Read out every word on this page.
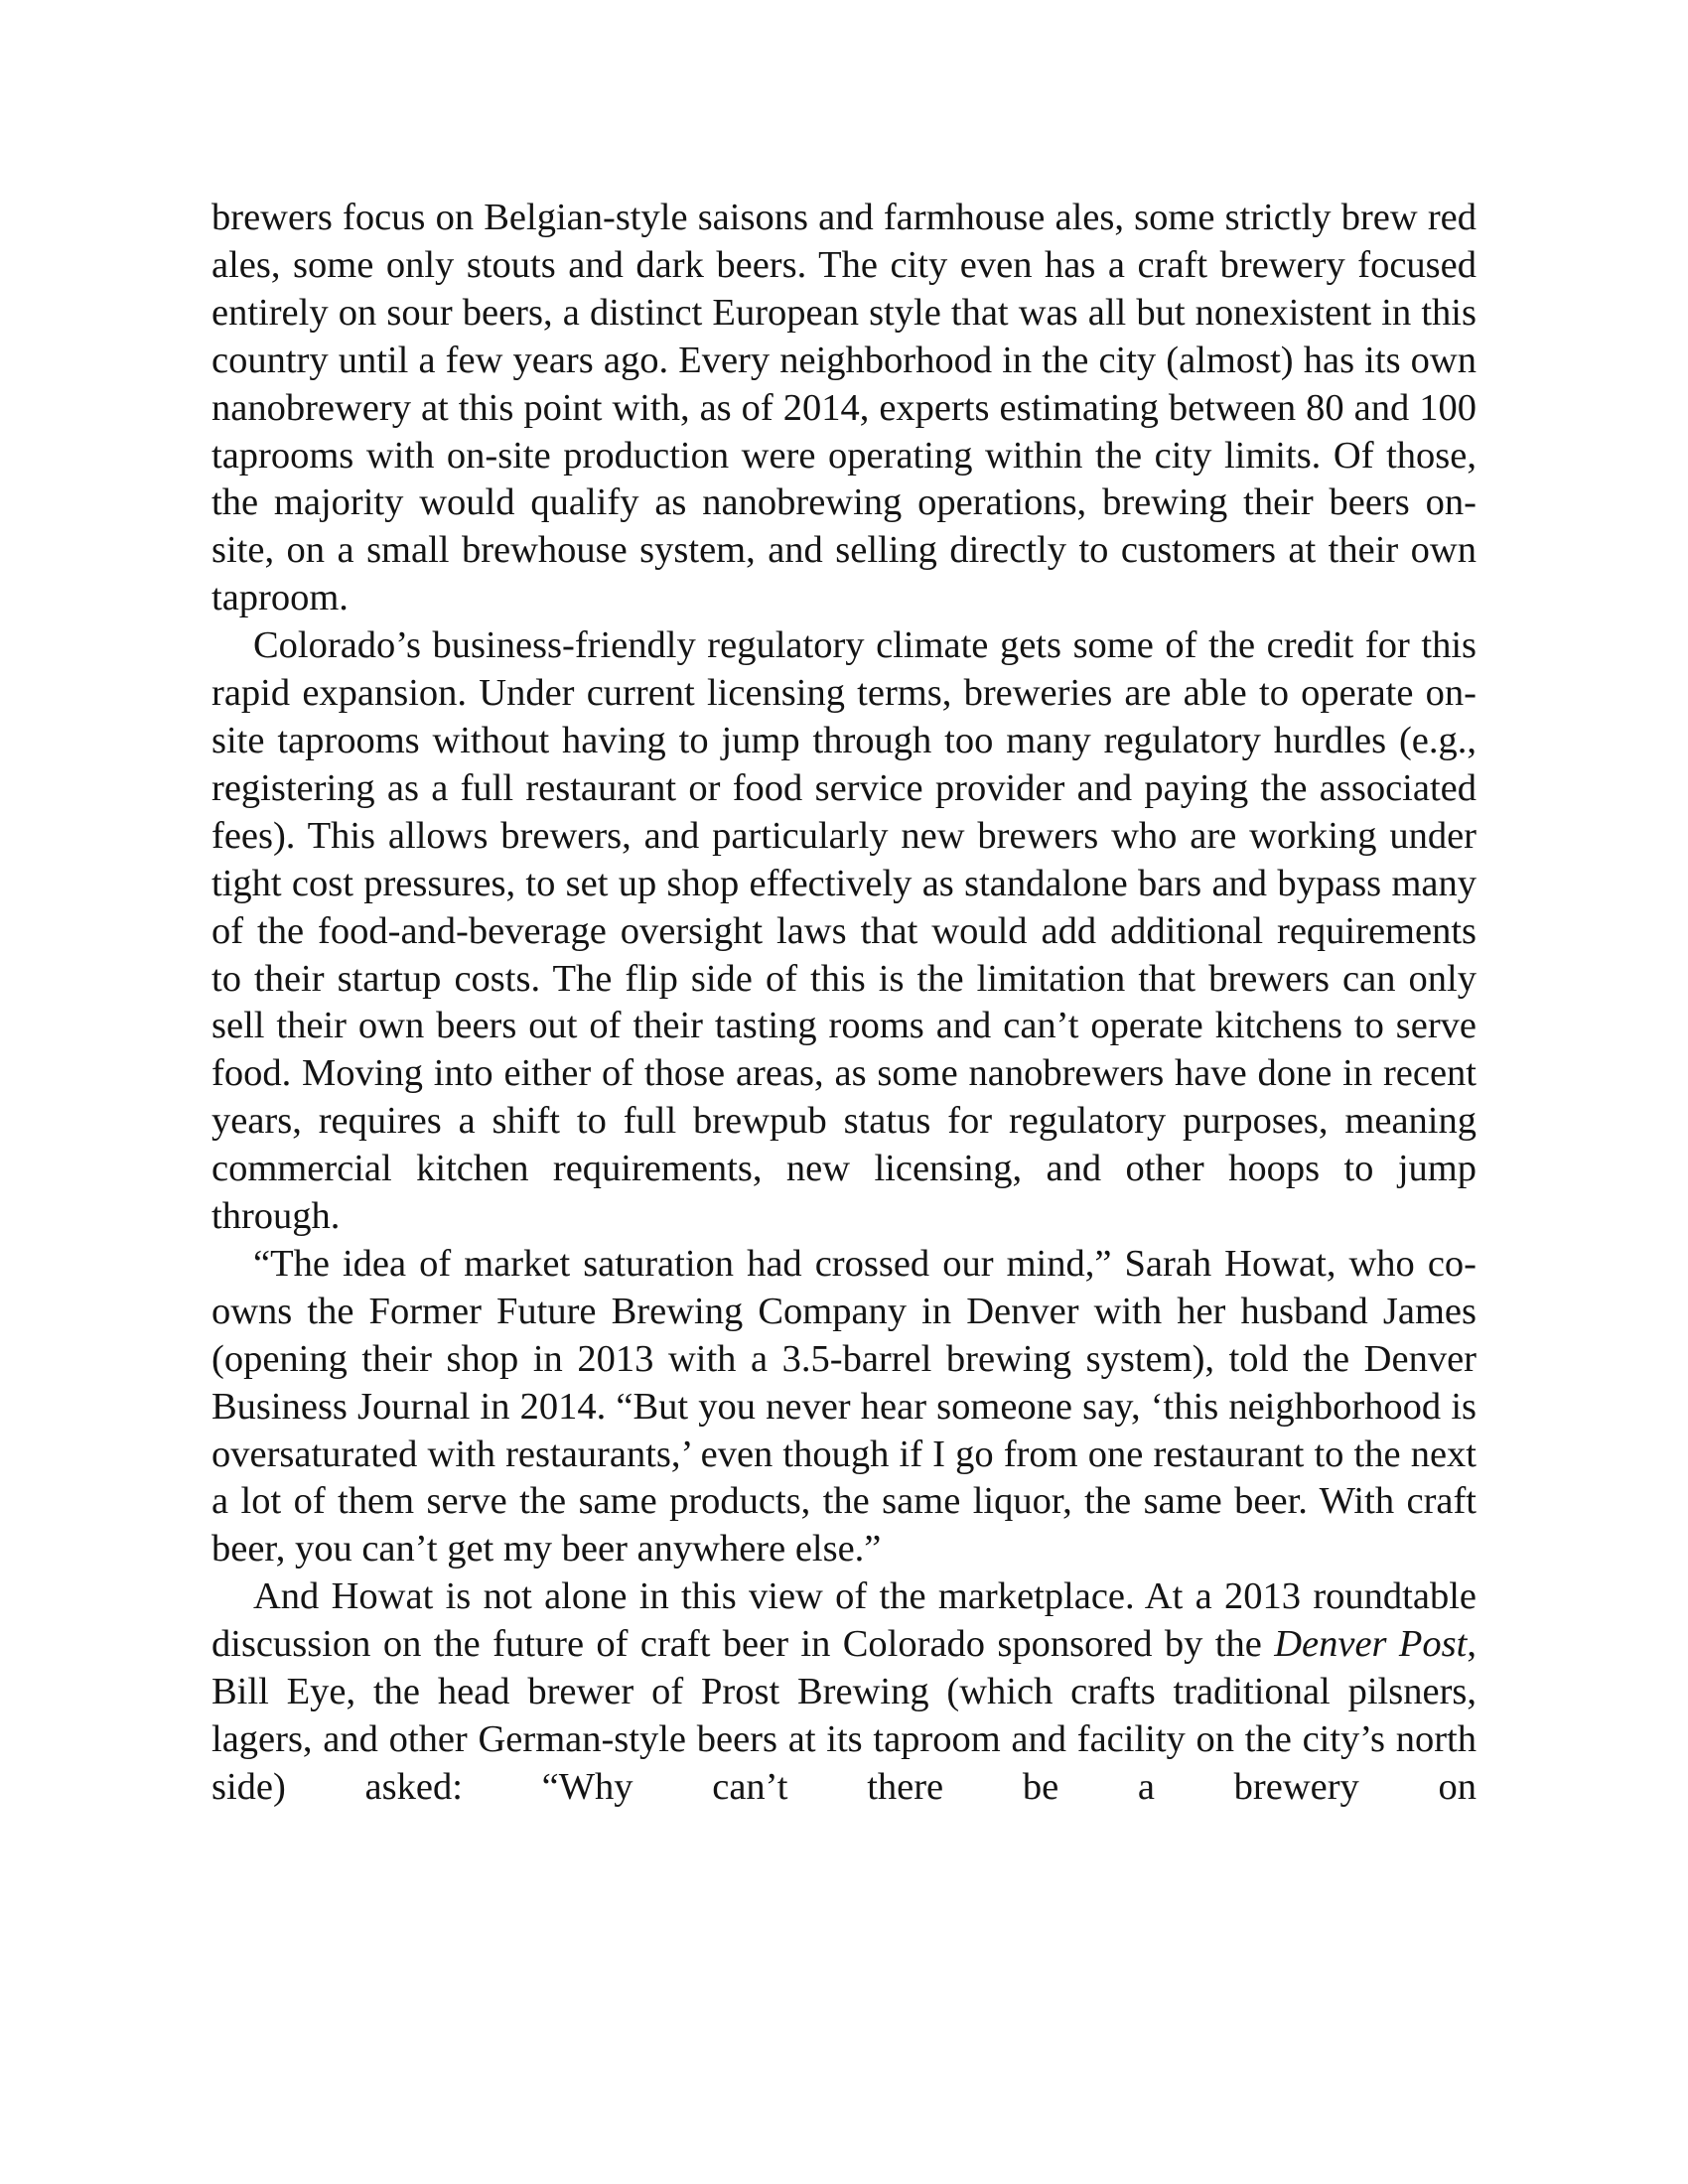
brewers focus on Belgian-style saisons and farmhouse ales, some strictly brew red ales, some only stouts and dark beers. The city even has a craft brewery focused entirely on sour beers, a distinct European style that was all but nonexistent in this country until a few years ago. Every neighborhood in the city (almost) has its own nanobrewery at this point with, as of 2014, experts estimating between 80 and 100 taprooms with on-site production were operating within the city limits. Of those, the majority would qualify as nanobrewing operations, brewing their beers on-site, on a small brewhouse system, and selling directly to customers at their own taproom.

Colorado’s business-friendly regulatory climate gets some of the credit for this rapid expansion. Under current licensing terms, breweries are able to operate on-site taprooms without having to jump through too many regulatory hurdles (e.g., registering as a full restaurant or food service provider and paying the associated fees). This allows brewers, and particularly new brewers who are working under tight cost pressures, to set up shop effectively as standalone bars and bypass many of the food-and-beverage oversight laws that would add additional requirements to their startup costs. The flip side of this is the limitation that brewers can only sell their own beers out of their tasting rooms and can’t operate kitchens to serve food. Moving into either of those areas, as some nanobrewers have done in recent years, requires a shift to full brewpub status for regulatory purposes, meaning commercial kitchen requirements, new licensing, and other hoops to jump through.

“The idea of market saturation had crossed our mind,” Sarah Howat, who co-owns the Former Future Brewing Company in Denver with her husband James (opening their shop in 2013 with a 3.5-barrel brewing system), told the Denver Business Journal in 2014. “But you never hear someone say, ‘this neighborhood is oversaturated with restaurants,’ even though if I go from one restaurant to the next a lot of them serve the same products, the same liquor, the same beer. With craft beer, you can’t get my beer anywhere else.”

And Howat is not alone in this view of the marketplace. At a 2013 roundtable discussion on the future of craft beer in Colorado sponsored by the Denver Post, Bill Eye, the head brewer of Prost Brewing (which crafts traditional pilsners, lagers, and other German-style beers at its taproom and facility on the city’s north side) asked: “Why can’t there be a brewery on
